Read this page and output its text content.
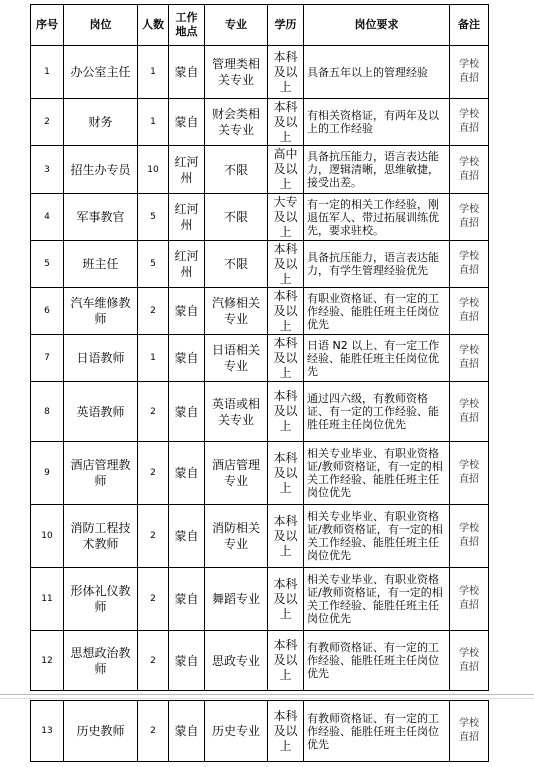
序号	岗位	人数	工作地点	专业	学历	岗位要求	备注
1	办公室主任	1	蒙自	管理类相关专业	本科及以上	具备五年以上的管理经验	学校直招
2	财务	1	蒙自	财会类相关专业	本科及以上	有相关资格证，有两年及以上的工作经验	学校直招
3	招生办专员	10	红河州	不限	高中及以上	具备抗压能力，语言表达能力，逻辑清晰，思维敏捷，接受出差。	学校直招
4	军事教官	5	红河州	不限	大专及以上	有一定的相关工作经验，刚退伍军人、带过拓展训练优先，要求驻校。	学校直招
5	班主任	5	红河州	不限	本科及以上	具备抗压能力，语言表达能力，有学生管理经验优先	学校直招
6	汽车维修教师	2	蒙自	汽修相关专业	本科及以上	有职业资格证、有一定的工作经验、能胜任班主任岗位优先	学校直招
7	日语教师	1	蒙自	日语相关专业	本科及以上	日语 N2 以上、有一定工作经验、能胜任班主任岗位优先	学校直招
8	英语教师	2	蒙自	英语或相关专业	本科及以上	通过四六级，有教师资格证、有一定的工作经验、能胜任班主任岗位优先	学校直招
9	酒店管理教师	2	蒙自	酒店管理专业	本科及以上	相关专业毕业、有职业资格证/教师资格证，有一定的相关工作经验、能胜任班主任岗位优先	学校直招
10	消防工程技术教师	2	蒙自	消防相关专业	本科及以上	相关专业毕业、有职业资格证/教师资格证，有一定的相关工作经验、能胜任班主任岗位优先	学校直招
11	形体礼仪教师	2	蒙自	舞蹈专业	本科及以上	相关专业毕业、有职业资格证/教师资格证，有一定的相关工作经验、能胜任班主任岗位优先	学校直招
12	思想政治教师	2	蒙自	思政专业	本科及以上	有教师资格证、有一定的工作经验、能胜任班主任岗位优先	学校直招
13	历史教师	2	蒙自	历史专业	本科及以上	有教师资格证、有一定的工作经验、能胜任班主任岗位优先	学校直招
